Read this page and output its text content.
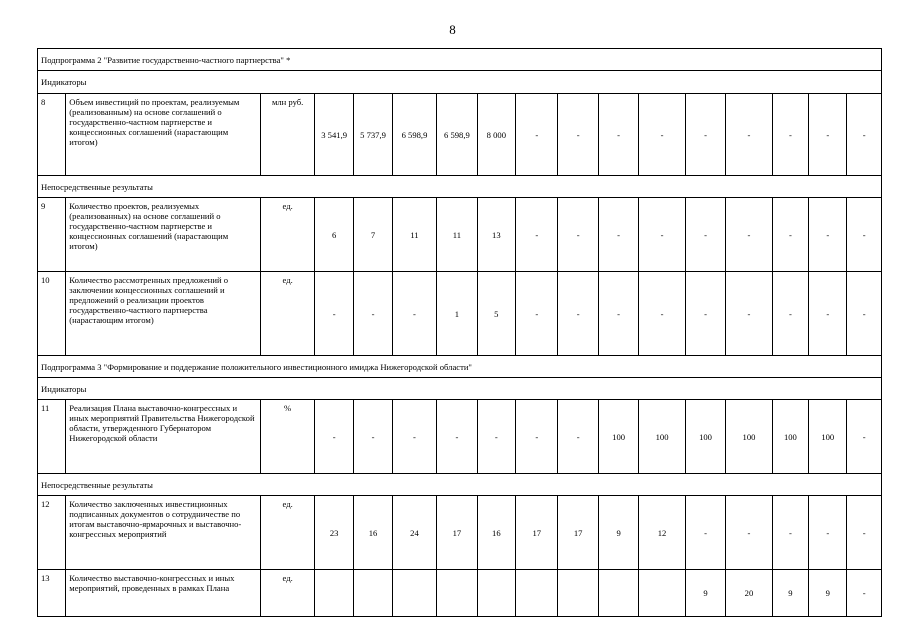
8
Подпрограмма 2 "Развитие государственно-частного партнерства" *																
Индикаторы																
8	Объем инвестиций по проектам, реализуемым (реализованным) на основе соглашений о государственно-частном партнерстве и концессионных соглашений (нарастающим итогом)	млн руб.	3 541,9	5 737,9	6 598,9	6 598,9	8 000	-	-	-	-	-	-	-	-	-
Непосредственные результаты																
9	Количество проектов, реализуемых (реализованных) на основе соглашений о государственно-частном партнерстве и концессионных соглашений (нарастающим итогом)	ед.	6	7	11	11	13	-	-	-	-	-	-	-	-	-
10	Количество рассмотренных предложений о заключении концессионных соглашений и предложений о реализации проектов государственно-частного партнерства (нарастающим итогом)	ед.	-	-	-	1	5	-	-	-	-	-	-	-	-	-
Подпрограмма 3 "Формирование и поддержание положительного инвестиционного имиджа Нижегородской области"																
Индикаторы																
11	Реализация Плана выставочно-конгрессных и иных мероприятий Правительства Нижегородской области, утвержденного Губернатором Нижегородской области	%	-	-	-	-	-	-	-	100	100	100	100	100	100	-
Непосредственные результаты																
12	Количество заключенных инвестиционных подписанных документов о сотрудничестве по итогам выставочно-ярмарочных и выставочно-конгрессных мероприятий	ед.	23	16	24	17	16	17	17	9	12	-	-	-	-	-
13	Количество выставочно-конгрессных и иных мероприятий, проведенных в рамках Плана	ед.										9	20	9	9	-
